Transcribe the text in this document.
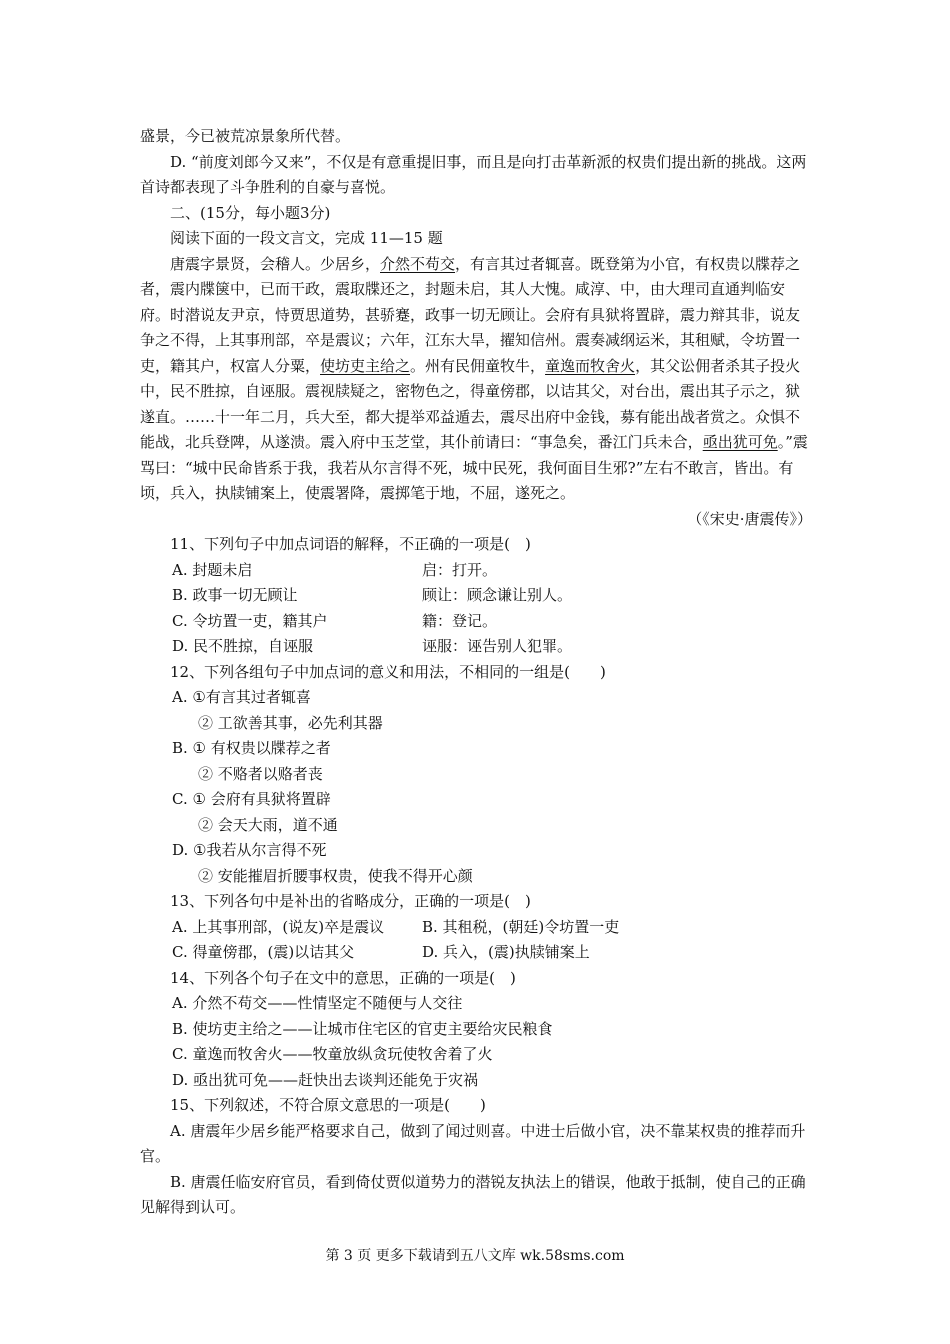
盛景，今已被荒凉景象所代替。

D. “前度刘郎今又来”，不仅是有意重提旧事，而且是向打击革新派的权贵们提出新的挑战。这两首诗都表现了斗争胜利的自豪与喜悦。

二、(15分，每小题3分)

阅读下面的一段文言文，完成 11—15 题

唐震字景贤，会稽人。少居乡，介然不苟交，有言其过者辄喜。既登第为小官，有权贵以牒荐之者，震内牒箧中，已而干政，震取牒还之，封题未启，其人大愧。咸淳、中，由大理司直通判临安府。时潜说友尹京，恃贾思道势，甚骄蹇，政事一切无顾让。会府有具狱将置辟，震力辩其非，说友争之不得，上其事刑部，卒是震议；六年，江东大旱，擢知信州。震奏减纲运米，其租赋，令坊置一吏，籍其户，权富人分粟，使坊吏主给之。州有民佣童牧牛，童逸而牧舍火，其父讼佣者杀其子投火中，民不胜掠，自诬服。震视牍疑之，密物色之，得童傍郡，以诘其父，对台出，震出其子示之，狱遂直。……十一年二月，兵大至，都大提举邓益遁去，震尽出府中金钱，募有能出战者赏之。众惧不能战，北兵登陴，从遂溃。震入府中玉芝堂，其仆前请曰：“事急矣，番江门兵未合，亟出犹可免。”震骂曰：“城中民命皆系于我，我若从尔言得不死，城中民死，我何面目生邪?”左右不敢言，皆出。有顷，兵入，执牍铺案上，使震署降，震掷笔于地，不屈，遂死之。

（《宋史·唐震传》）

11、下列句子中加点词语的解释，不正确的一项是(　)

A. 封题未启	启：打开。
B. 政事一切无顾让	顾让：顾念谦让别人。
C. 令坊置一吏，籍其户	籍：登记。
D. 民不胜掠，自诬服	诬服：诬告别人犯罪。

12、下列各组句子中加点词的意义和用法，不相同的一组是(　　)

A. ①有言其过者辄喜

② 工欲善其事，必先利其器

B. ① 有权贵以牒荐之者

② 不赂者以赂者丧

C. ① 会府有具狱将置辟

② 会天大雨，道不通

D. ①我若从尔言得不死

② 安能摧眉折腰事权贵，使我不得开心颜

13、下列各句中是补出的省略成分，正确的一项是(　)

A. 上其事刑部，(说友)卒是震议	B. 其租税，(朝廷)令坊置一吏
C. 得童傍郡，(震)以诘其父	D. 兵入，(震)执牍铺案上

14、下列各个句子在文中的意思，正确的一项是(　)

A. 介然不苟交——性情坚定不随便与人交往

B. 使坊吏主给之——让城市住宅区的官吏主要给灾民粮食

C. 童逸而牧舍火——牧童放纵贪玩使牧舍着了火

D. 亟出犹可免——赶快出去谈判还能免于灾祸

15、下列叙述，不符合原文意思的一项是(　　)

A. 唐震年少居乡能严格要求自己，做到了闻过则喜。中进士后做小官，决不靠某权贵的推荐而升官。

B. 唐震任临安府官员，看到倚仗贾似道势力的潜锐友执法上的错误，他敢于抵制，使自己的正确见解得到认可。

第 3 页 更多下载请到五八文库 wk.58sms.com
